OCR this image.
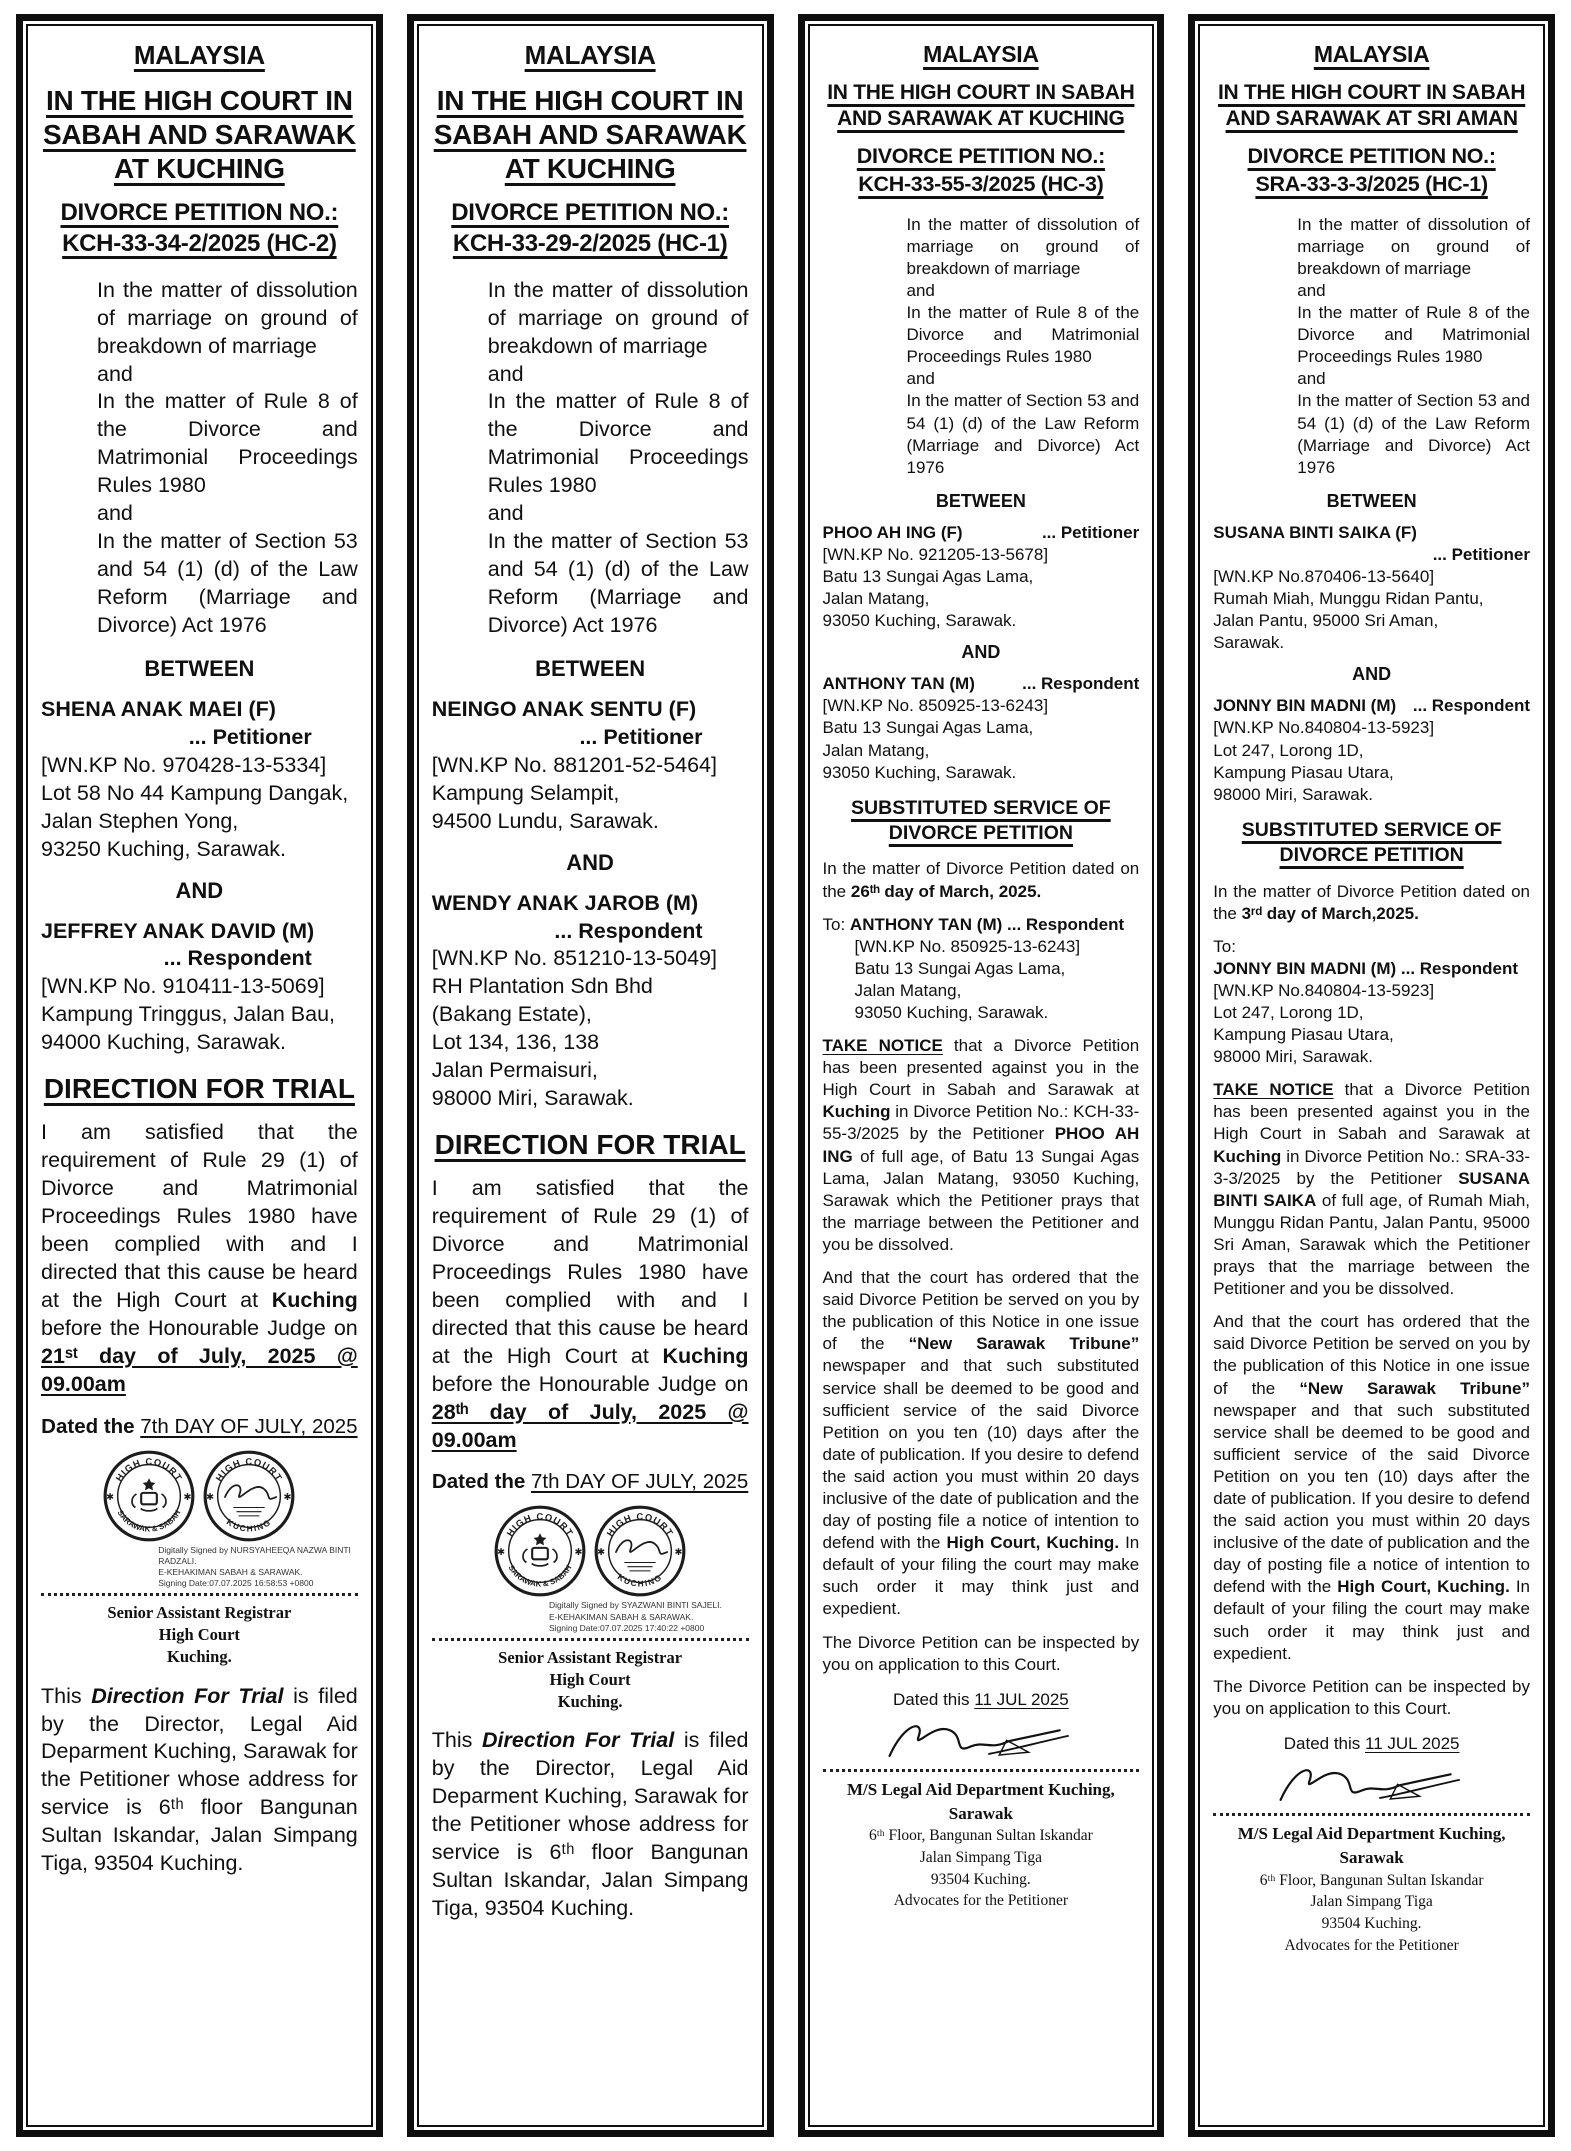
MALAYSIA
IN THE HIGH COURT IN SABAH AND SARAWAK AT KUCHING
DIVORCE PETITION NO.:
KCH-33-34-2/2025 (HC-2)
In the matter of dissolution of marriage on ground of breakdown of marriage
and
In the matter of Rule 8 of the Divorce and Matrimonial Proceedings Rules 1980
and
In the matter of Section 53 and 54 (1) (d) of the Law Reform (Marriage and Divorce) Act 1976
BETWEEN
SHENA ANAK MAEI (F)
... Petitioner
[WN.KP No. 970428-13-5334]
Lot 58 No 44 Kampung Dangak,
Jalan Stephen Yong,
93250 Kuching, Sarawak.
AND
JEFFREY ANAK DAVID (M)
... Respondent
[WN.KP No. 910411-13-5069]
Kampung Tringgus, Jalan Bau,
94000 Kuching, Sarawak.
DIRECTION FOR TRIAL

I am satisfied that the requirement of Rule 29 (1) of Divorce and Matrimonial Proceedings Rules 1980 have been complied with and I directed that this cause be heard at the High Court at Kuching before the Honourable Judge on 21ˢᵗ day of July, 2025 @ 09.00am

Dated the 7th DAY OF JULY, 2025
Digitally Signed by NURSYAHEEQA NAZWA BINTI
RADZALI.
E-KEHAKIMAN SABAH & SARAWAK.
Signing Date:07.07.2025 16:58:53 +0800
Senior Assistant Registrar
High Court
Kuching.

This Direction For Trial is filed by the Director, Legal Aid Deparment Kuching, Sarawak for the Petitioner whose address for service is 6ᵗʰ floor Bangunan Sultan Iskandar, Jalan Simpang Tiga, 93504 Kuching.

MALAYSIA
IN THE HIGH COURT IN SABAH AND SARAWAK AT KUCHING
DIVORCE PETITION NO.:
KCH-33-29-2/2025 (HC-1)
In the matter of dissolution of marriage on ground of breakdown of marriage
and
In the matter of Rule 8 of the Divorce and Matrimonial Proceedings Rules 1980
and
In the matter of Section 53 and 54 (1) (d) of the Law Reform (Marriage and Divorce) Act 1976
BETWEEN
NEINGO ANAK SENTU (F)
... Petitioner
[WN.KP No. 881201-52-5464]
Kampung Selampit,
94500 Lundu, Sarawak.
AND
WENDY ANAK JAROB (M)
... Respondent
[WN.KP No. 851210-13-5049]
RH Plantation Sdn Bhd
(Bakang Estate),
Lot 134, 136, 138
Jalan Permaisuri,
98000 Miri, Sarawak.
DIRECTION FOR TRIAL

I am satisfied that the requirement of Rule 29 (1) of Divorce and Matrimonial Proceedings Rules 1980 have been complied with and I directed that this cause be heard at the High Court at Kuching before the Honourable Judge on 28ᵗʰ day of July, 2025 @ 09.00am

Dated the 7th DAY OF JULY, 2025
Digitally Signed by SYAZWANI BINTI SAJELI.
E-KEHAKIMAN SABAH & SARAWAK.
Signing Date:07.07.2025 17:40:22 +0800
Senior Assistant Registrar
High Court
Kuching.

This Direction For Trial is filed by the Director, Legal Aid Deparment Kuching, Sarawak for the Petitioner whose address for service is 6ᵗʰ floor Bangunan Sultan Iskandar, Jalan Simpang Tiga, 93504 Kuching.

MALAYSIA
IN THE HIGH COURT IN SABAH AND SARAWAK AT KUCHING
DIVORCE PETITION NO.:
KCH-33-55-3/2025 (HC-3)
In the matter of dissolution of marriage on ground of breakdown of marriage
and
In the matter of Rule 8 of the Divorce and Matrimonial Proceedings Rules 1980
and
In the matter of Section 53 and 54 (1) (d) of the Law Reform (Marriage and Divorce) Act 1976
BETWEEN
PHOO AH ING (F)	... Petitioner
[WN.KP No. 921205-13-5678]
Batu 13 Sungai Agas Lama,
Jalan Matang,
93050 Kuching, Sarawak.
AND
ANTHONY TAN (M)	... Respondent
[WN.KP No. 850925-13-6243]
Batu 13 Sungai Agas Lama,
Jalan Matang,
93050 Kuching, Sarawak.
SUBSTITUTED SERVICE OF DIVORCE PETITION

In the matter of Divorce Petition dated on the 26ᵗʰ day of March, 2025.

To: ANTHONY TAN (M) ... Respondent
[WN.KP No. 850925-13-6243]
Batu 13 Sungai Agas Lama,
Jalan Matang,
93050 Kuching, Sarawak.

TAKE NOTICE that a Divorce Petition has been presented against you in the High Court in Sabah and Sarawak at Kuching in Divorce Petition No.: KCH-33-55-3/2025 by the Petitioner PHOO AH ING of full age, of Batu 13 Sungai Agas Lama, Jalan Matang, 93050 Kuching, Sarawak which the Petitioner prays that the marriage between the Petitioner and you be dissolved.

And that the court has ordered that the said Divorce Petition be served on you by the publication of this Notice in one issue of the “New Sarawak Tribune” newspaper and that such substituted service shall be deemed to be good and sufficient service of the said Divorce Petition on you ten (10) days after the date of publication. If you desire to defend the said action you must within 20 days inclusive of the date of publication and the day of posting file a notice of intention to defend with the High Court, Kuching. In default of your filing the court may make such order it may think just and expedient.

The Divorce Petition can be inspected by you on application to this Court.

Dated this 11 JUL 2025
M/S Legal Aid Department Kuching, Sarawak
6ᵗʰ Floor, Bangunan Sultan Iskandar
Jalan Simpang Tiga
93504 Kuching.
Advocates for the Petitioner
MALAYSIA
IN THE HIGH COURT IN SABAH AND SARAWAK AT SRI AMAN
DIVORCE PETITION NO.:
SRA-33-3-3/2025 (HC-1)
In the matter of dissolution of marriage on ground of breakdown of marriage
and
In the matter of Rule 8 of the Divorce and Matrimonial Proceedings Rules 1980
and
In the matter of Section 53 and 54 (1) (d) of the Law Reform (Marriage and Divorce) Act 1976
BETWEEN
SUSANA BINTI SAIKA (F)
... Petitioner
[WN.KP No.870406-13-5640]
Rumah Miah, Munggu Ridan Pantu,
Jalan Pantu, 95000 Sri Aman,
Sarawak.
AND
JONNY BIN MADNI (M) ... Respondent
[WN.KP No.840804-13-5923]
Lot 247, Lorong 1D,
Kampung Piasau Utara,
98000 Miri, Sarawak.
SUBSTITUTED SERVICE OF DIVORCE PETITION

In the matter of Divorce Petition dated on the 3ʳᵈ day of March,2025.

To:
JONNY BIN MADNI (M) ... Respondent
[WN.KP No.840804-13-5923]
Lot 247, Lorong 1D,
Kampung Piasau Utara,
98000 Miri, Sarawak.

TAKE NOTICE that a Divorce Petition has been presented against you in the High Court in Sabah and Sarawak at Kuching in Divorce Petition No.: SRA-33-3-3/2025 by the Petitioner SUSANA BINTI SAIKA of full age, of Rumah Miah, Munggu Ridan Pantu, Jalan Pantu, 95000 Sri Aman, Sarawak which the Petitioner prays that the marriage between the Petitioner and you be dissolved.

And that the court has ordered that the said Divorce Petition be served on you by the publication of this Notice in one issue of the “New Sarawak Tribune” newspaper and that such substituted service shall be deemed to be good and sufficient service of the said Divorce Petition on you ten (10) days after the date of publication. If you desire to defend the said action you must within 20 days inclusive of the date of publication and the day of posting file a notice of intention to defend with the High Court, Kuching. In default of your filing the court may make such order it may think just and expedient.

The Divorce Petition can be inspected by you on application to this Court.

Dated this 11 JUL 2025
M/S Legal Aid Department Kuching, Sarawak
6ᵗʰ Floor, Bangunan Sultan Iskandar
Jalan Simpang Tiga
93504 Kuching.
Advocates for the Petitioner
